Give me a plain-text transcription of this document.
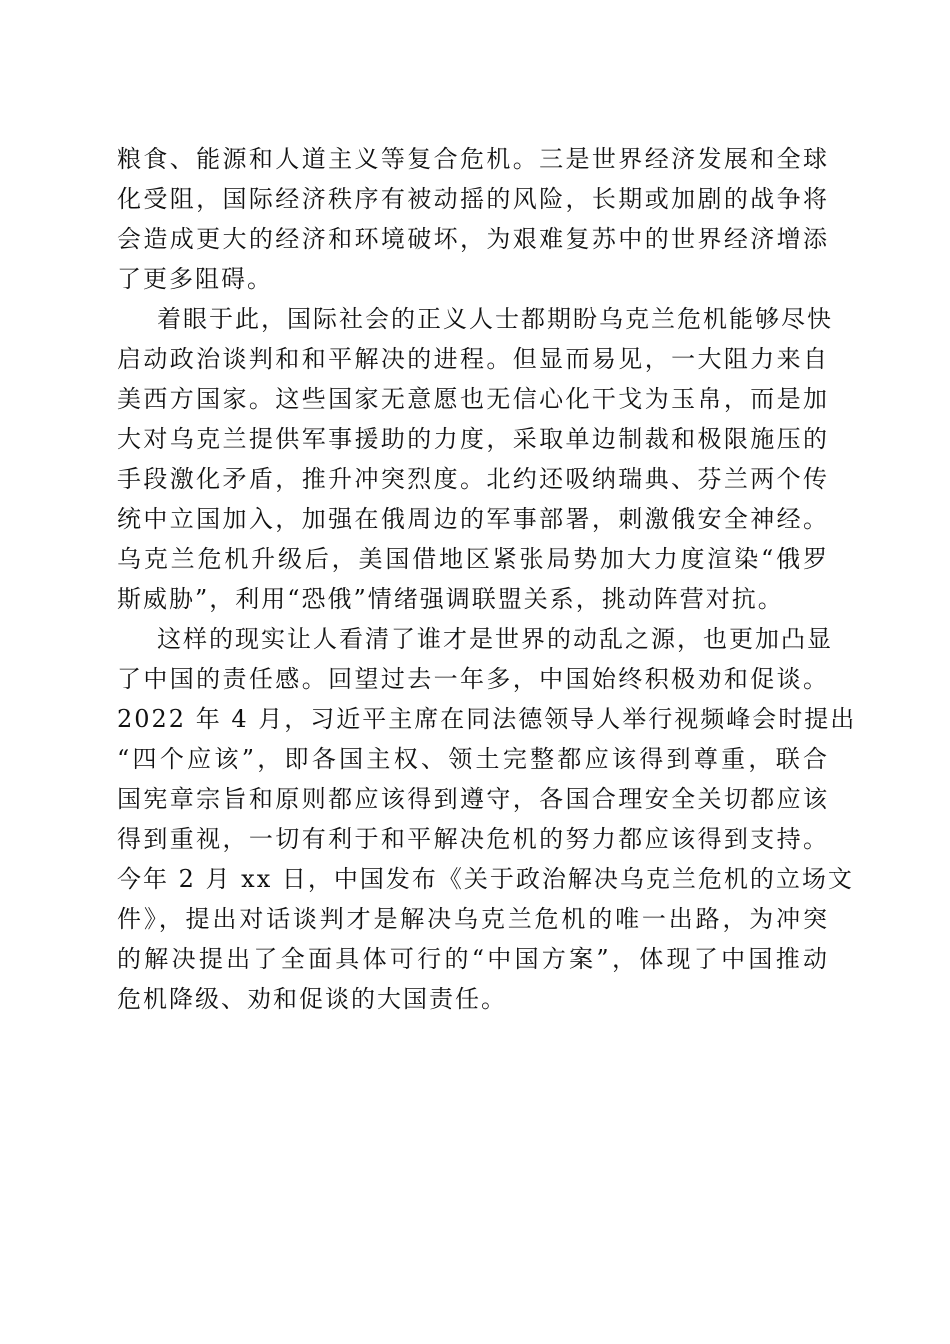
粮食、能源和人道主义等复合危机。三是世界经济发展和全球
化受阻，国际经济秩序有被动摇的风险，长期或加剧的战争将
会造成更大的经济和环境破坏，为艰难复苏中的世界经济增添
了更多阻碍。
着眼于此，国际社会的正义人士都期盼乌克兰危机能够尽快
启动政治谈判和和平解决的进程。但显而易见，一大阻力来自
美西方国家。这些国家无意愿也无信心化干戈为玉帛，而是加
大对乌克兰提供军事援助的力度，采取单边制裁和极限施压的
手段激化矛盾，推升冲突烈度。北约还吸纳瑞典、芬兰两个传
统中立国加入，加强在俄周边的军事部署，刺激俄安全神经。
乌克兰危机升级后，美国借地区紧张局势加大力度渲染“俄罗
斯威胁”，利用“恐俄”情绪强调联盟关系，挑动阵营对抗。
这样的现实让人看清了谁才是世界的动乱之源，也更加凸显
了中国的责任感。回望过去一年多，中国始终积极劝和促谈。
2022 年 4 月，习近平主席在同法德领导人举行视频峰会时提出
“四个应该”，即各国主权、领土完整都应该得到尊重，联合
国宪章宗旨和原则都应该得到遵守，各国合理安全关切都应该
得到重视，一切有利于和平解决危机的努力都应该得到支持。
今年 2 月 xx 日，中国发布《关于政治解决乌克兰危机的立场文
件》，提出对话谈判才是解决乌克兰危机的唯一出路，为冲突
的解决提出了全面具体可行的“中国方案”，体现了中国推动
危机降级、劝和促谈的大国责任。
